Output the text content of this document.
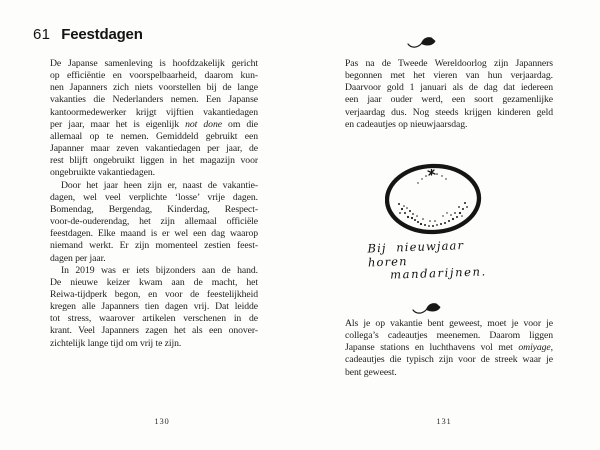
61 Feestdagen
De Japanse samenleving is hoofdzakelijk gericht
op efficiëntie en voorspelbaarheid, daarom kun-
nen Japanners zich niets voorstellen bij de lange
vakanties die Nederlanders nemen. Een Japanse
kantoormedewerker krijgt vijftien vakantiedagen
per jaar, maar het is eigenlijk not done om die
allemaal op te nemen. Gemiddeld gebruikt een
Japanner maar zeven vakantiedagen per jaar, de
rest blijft ongebruikt liggen in het magazijn voor
ongebruikte vakantiedagen.
Door het jaar heen zijn er, naast de vakantie-
dagen, wel veel verplichte ‘losse’ vrije dagen.
Bomendag, Bergendag, Kinderdag, Respect-
voor-de-ouderendag, het zijn allemaal officiële
feestdagen. Elke maand is er wel een dag waarop
niemand werkt. Er zijn momenteel zestien feest-
dagen per jaar.
In 2019 was er iets bijzonders aan de hand.
De nieuwe keizer kwam aan de macht, het
Reiwa-tijdperk begon, en voor de feestelijkheid
kregen alle Japanners tien dagen vrij. Dat leidde
tot stress, waarover artikelen verschenen in de
krant. Veel Japanners zagen het als een onover-
zichtelijk lange tijd om vrij te zijn.
130
Pas na de Tweede Wereldoorlog zijn Japanners
begonnen met het vieren van hun verjaardag.
Daarvoor gold 1 januari als de dag dat iedereen
een jaar ouder werd, een soort gezamenlijke
verjaardag dus. Nog steeds krijgen kinderen geld
en cadeautjes op nieuwjaarsdag.
Bij nieuwjaar horen
mandarijnen.
Als je op vakantie bent geweest, moet je voor je
collega’s cadeautjes meenemen. Daarom liggen
Japanse stations en luchthavens vol met omiyage,
cadeautjes die typisch zijn voor de streek waar je
bent geweest.
131
